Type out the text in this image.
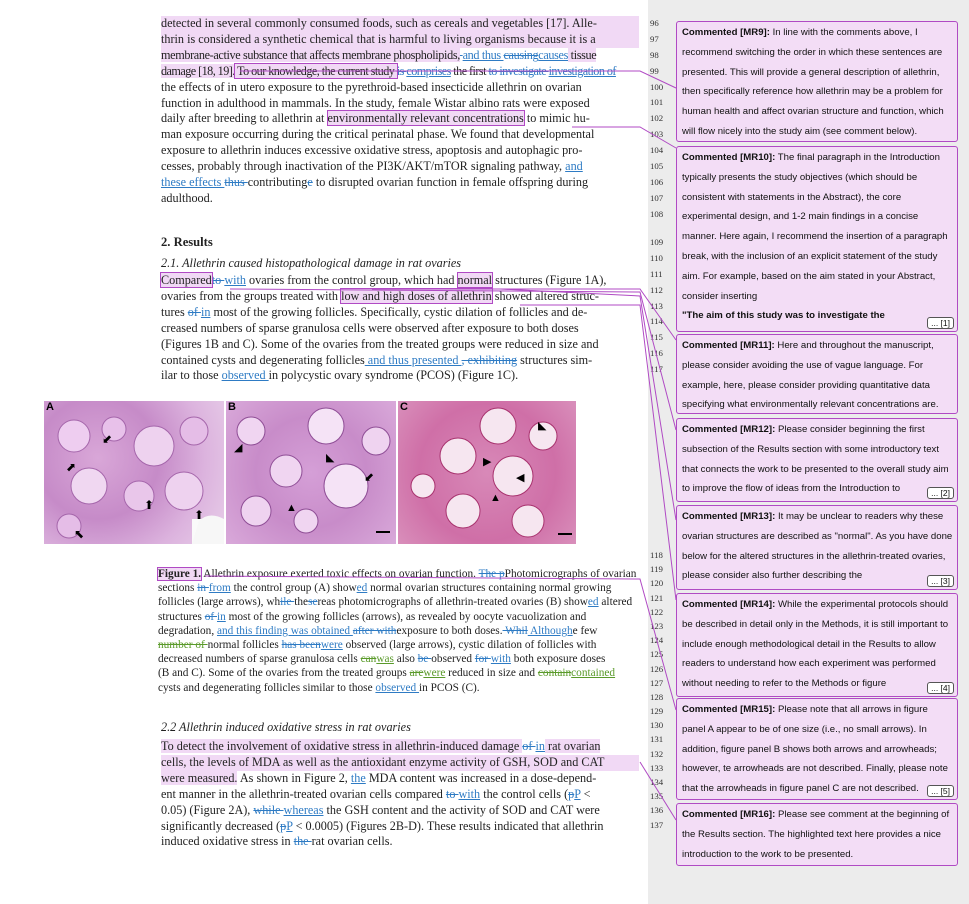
detected in several commonly consumed foods, such as cereals and vegetables [17]. Alle-

thrin is considered a synthetic chemical that is harmful to living organisms because it is a

membrane-active substance that affects membrane phospholipids, and thus causingcauses tissue

damage [18, 19]. To our knowledge, the current study is comprises the first to investigate investigation of

the effects of in utero exposure to the pyrethroid-based insecticide allethrin on ovarian

function in adulthood in mammals. In the study, female Wistar albino rats were exposed

daily after breeding to allethrin at environmentally relevant concentrations to mimic hu-

man exposure occurring during the critical perinatal phase. We found that developmental

exposure to allethrin induces excessive oxidative stress, apoptosis and autophagic pro-

cesses, probably through inactivation of the PI3K/AKT/mTOR signaling pathway, and

these effects thus contributinge to disrupted ovarian function in female offspring during

adulthood.

2. Results
2.1. Allethrin caused histopathological damage in rat ovaries

Comparedto with ovaries from the control group, which had normal structures (Figure 1A),

ovaries from the groups treated with low and high doses of allethrin showed altered struc-

tures of in most of the growing follicles. Specifically, cystic dilation of follicles and de-

creased numbers of sparse granulosa cells were observed after exposure to both doses

(Figures 1B and C). Some of the ovaries from the treated groups were reduced in size and

contained cysts and degenerating follicles and thus presented , exhibiting structures sim-

ilar to those observed in polycystic ovary syndrome (PCOS) (Figure 1C).

⬋
⬈
⬆
⬆
⬉
A
◢
⬋
▲
◣
B
◣
▶
▲
◀
C
Figure 1. Allethrin exposure exerted toxic effects on ovarian function. The pPhotomicrographs of ovarian
sections in from the control group (A) showed normal ovarian structures containing normal growing
follicles (large arrows), while thesereas photomicrographs of allethrin-treated ovaries (B) showed altered
structures of in most of the growing follicles (arrows), as revealed by oocyte vacuolization and
degradation, and this finding was obtained after withexposure to both doses. Whil Althoughe few
number of normal follicles has beenwere observed (large arrows), cystic dilation of follicles with
decreased numbers of sparse granulosa cells canwas also be observed for with both exposure doses
(B and C). Some of the ovaries from the treated groups arewere reduced in size and containcontained
cysts and degenerating follicles similar to those observed in PCOS (C).
2.2 Allethrin induced oxidative stress in rat ovaries

To detect the involvement of oxidative stress in allethrin-induced damage of in rat ovarian

cells, the levels of MDA as well as the antioxidant enzyme activity of GSH, SOD and CAT

were measured. As shown in Figure 2, the MDA content was increased in a dose-depend-

ent manner in the allethrin-treated ovarian cells compared to with the control cells (pP <

0.05) (Figure 2A), while whereas the GSH content and the activity of SOD and CAT were

significantly decreased (pP < 0.0005) (Figures 2B-D). These results indicated that allethrin

induced oxidative stress in the rat ovarian cells.

96
97
98
99
100
101
102
103
104
105
106
107
108
109
110
111
112
113
114
115
116
117
118
119
120
121
122
123
124
125
126
127
128
129
130
131
132
133
134
135
136
137
Commented [MR9]: In line with the comments above, I recommend switching the order in which these sentences are presented. This will provide a general description of allethrin, then specifically reference how allethrin may be a problem for human health and affect ovarian structure and function, which will flow nicely into the study aim (see comment below).
Commented [MR10]: The final paragraph in the Introduction typically presents the study objectives (which should be consistent with statements in the Abstract), the core experimental design, and 1-2 main findings in a concise manner. Here again, I recommend the insertion of a paragraph break, with the inclusion of an explicit statement of the study aim. For example, based on the aim stated in your Abstract, consider inserting
"The aim of this study was to investigate the
... [1]
Commented [MR11]: Here and throughout the manuscript, please consider avoiding the use of vague language. For example, here, please consider providing quantitative data specifying what environmentally relevant concentrations are.
Commented [MR12]: Please consider beginning the first subsection of the Results section with some introductory text that connects the work to be presented to the overall study aim to improve the flow of ideas from the Introduction to	... [2]
Commented [MR13]: It may be unclear to readers why these ovarian structures are described as "normal". As you have done below for the altered structures in the allethrin-treated ovaries, please consider also further describing the	... [3]
Commented [MR14]: While the experimental protocols should be described in detail only in the Methods, it is still important to include enough methodological detail in the Results to allow readers to understand how each experiment was performed without needing to refer to the Methods or figure	... [4]
Commented [MR15]: Please note that all arrows in figure panel A appear to be of one size (i.e., no small arrows). In addition, figure panel B shows both arrows and arrowheads; however, te arrowheads are not described. Finally, please note that the arrowheads in figure panel C are not described.	... [5]
Commented [MR16]: Please see comment at the beginning of the Results section. The highlighted text here provides a nice introduction to the work to be presented.
